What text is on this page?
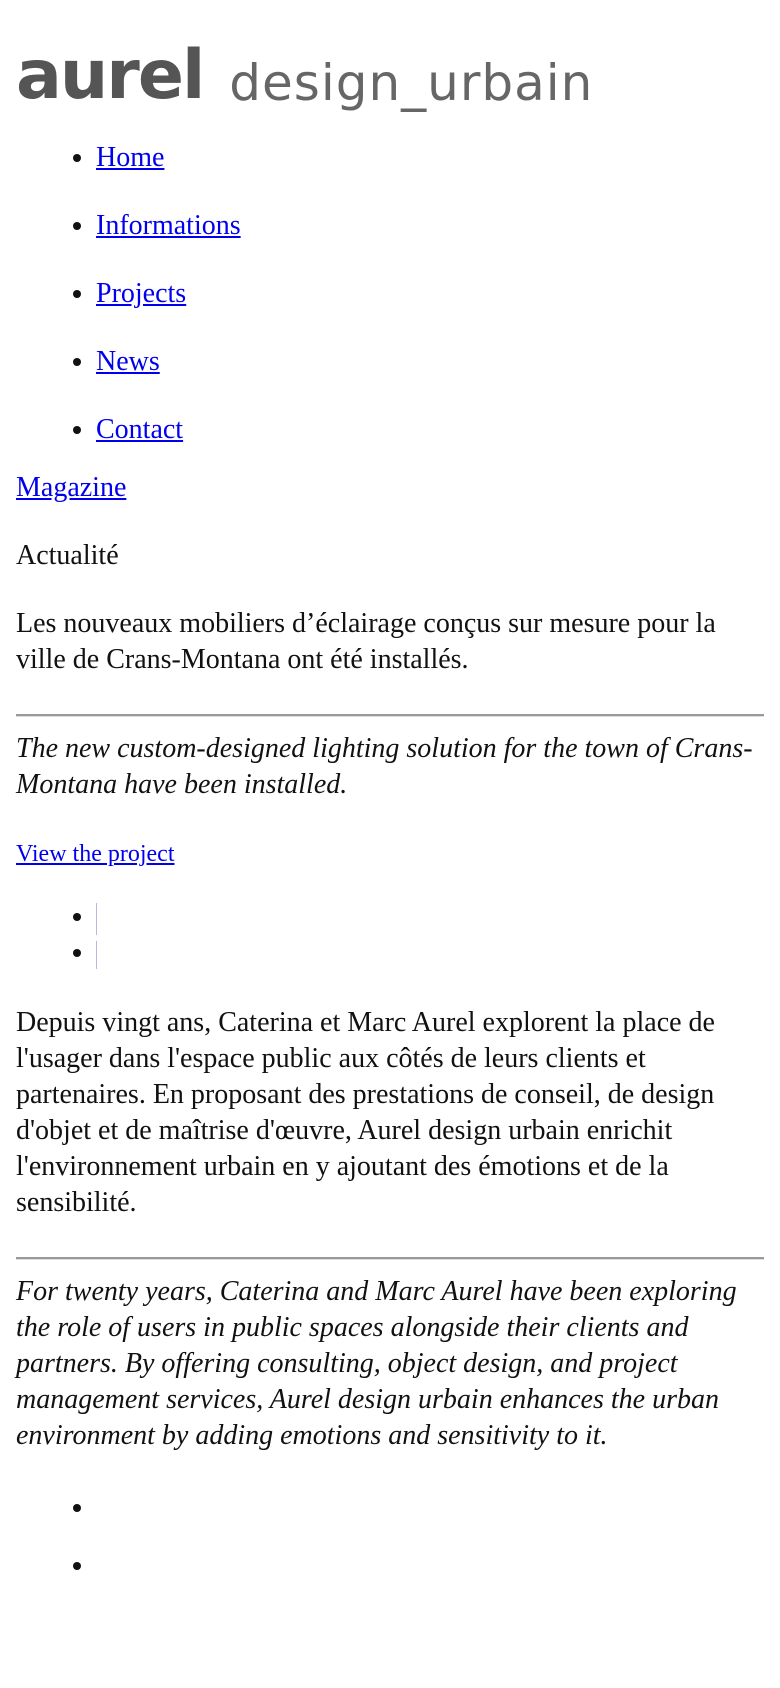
aurel design_urbain
• Home
• Informations
• Projects
• News
• Contact
Magazine

Actualité

Les nouveaux mobiliers d’éclairage conçus sur mesure pour la ville de Crans-Montana ont été installés.

The new custom-designed lighting solution for the town of Crans-Montana have been installed.

View the project
•
•

Depuis vingt ans, Caterina et Marc Aurel explorent la place de l'usager dans l'espace public aux côtés de leurs clients et partenaires. En proposant des prestations de conseil, de design d'objet et de maîtrise d'œuvre, Aurel design urbain enrichit l'environnement urbain en y ajoutant des émotions et de la sensibilité.

For twenty years, Caterina and Marc Aurel have been exploring the role of users in public spaces alongside their clients and partners. By offering consulting, object design, and project management services, Aurel design urbain enhances the urban environment by adding emotions and sensitivity to it.

•
•
